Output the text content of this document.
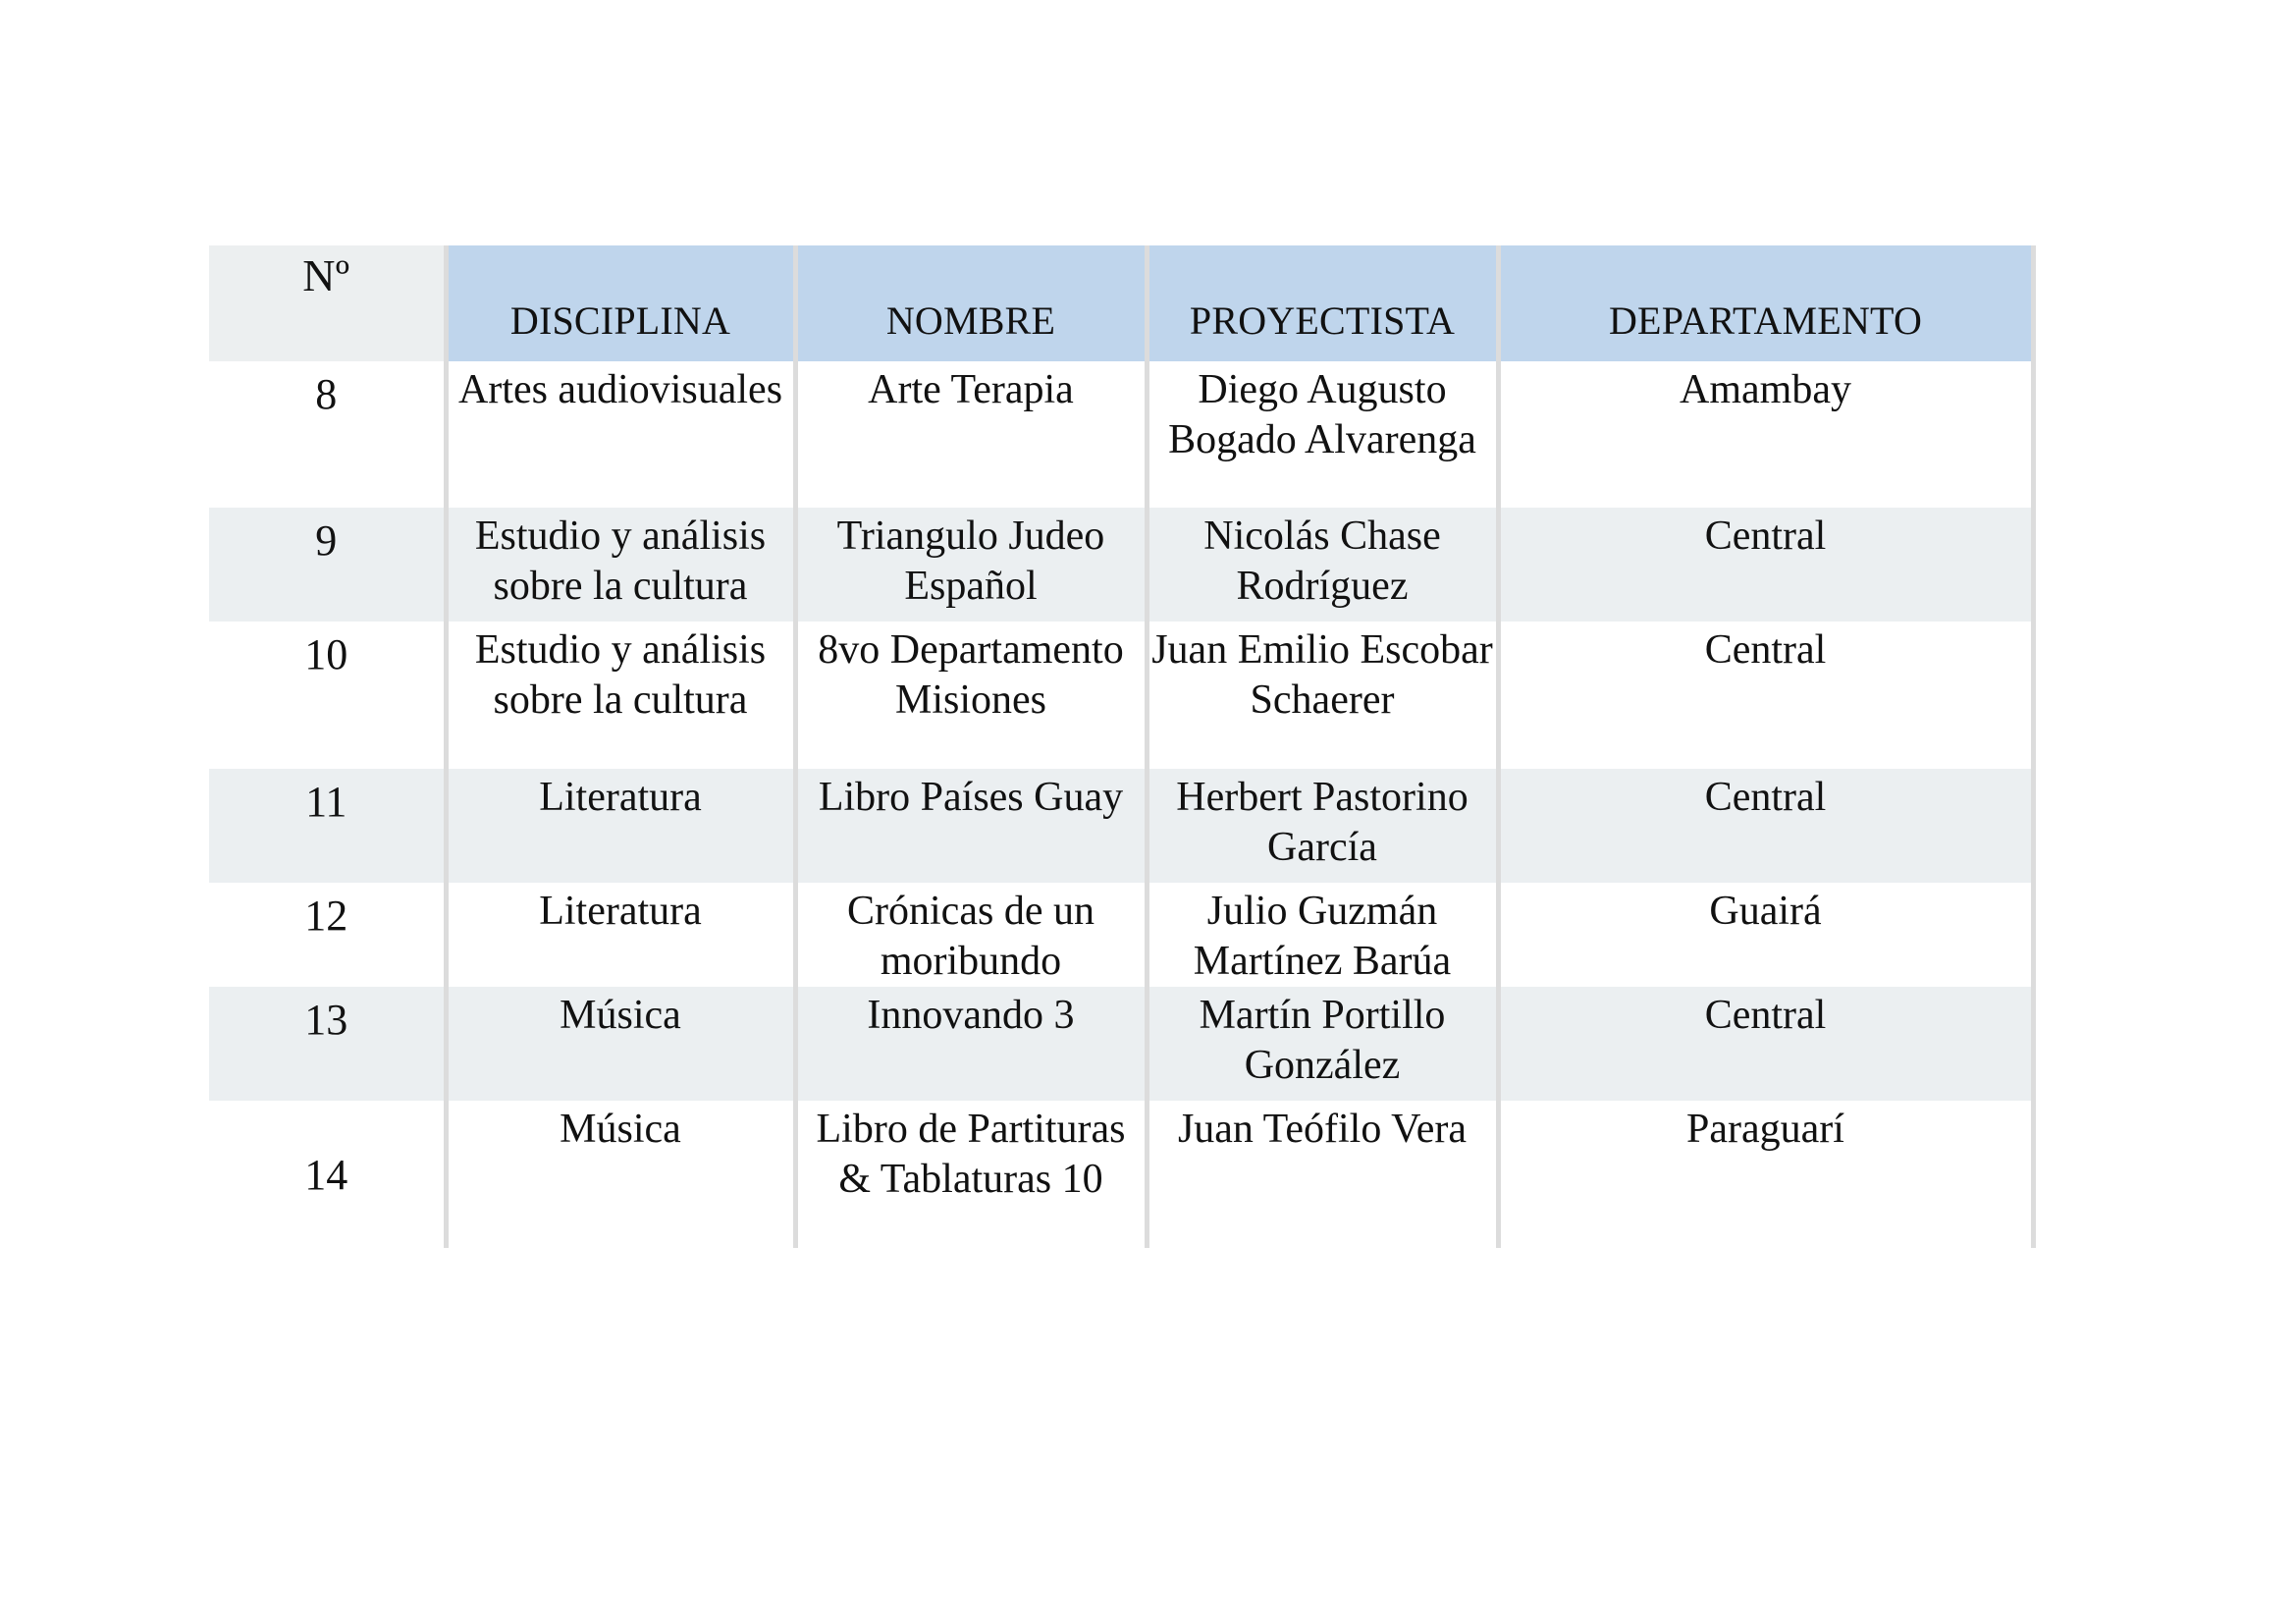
Nº	DISCIPLINA	NOMBRE	PROYECTISTA	DEPARTAMENTO
8	Artes audiovisuales	Arte Terapia	Diego Augusto Bogado Alvarenga	Amambay
9	Estudio y análisis sobre la cultura	Triangulo Judeo Español	Nicolás Chase Rodríguez	Central
10	Estudio y análisis sobre la cultura	8vo Departamento Misiones	Juan Emilio Escobar Schaerer	Central
11	Literatura	Libro Países Guay	Herbert Pastorino García	Central
12	Literatura	Crónicas de un moribundo	Julio Guzmán Martínez Barúa	Guairá
13	Música	Innovando 3	Martín Portillo González	Central
14	Música	Libro de Partituras & Tablaturas 10	Juan Teófilo Vera	Paraguarí
